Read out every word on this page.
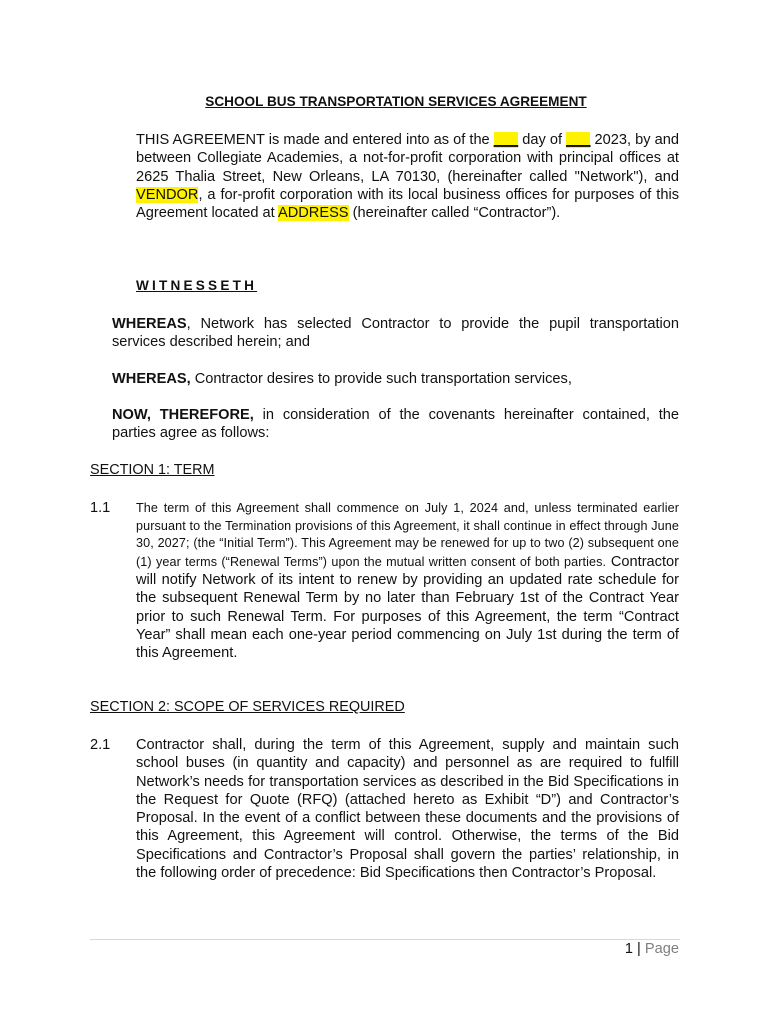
SCHOOL BUS TRANSPORTATION SERVICES AGREEMENT
THIS AGREEMENT is made and entered into as of the ___ day of ___ 2023, by and between Collegiate Academies, a not-for-profit corporation with principal offices at 2625 Thalia Street, New Orleans, LA 70130, (hereinafter called "Network"), and VENDOR, a for-profit corporation with its local business offices for purposes of this Agreement located at ADDRESS (hereinafter called “Contractor”).
WITNESSETH
WHEREAS, Network has selected Contractor to provide the pupil transportation services described herein; and
WHEREAS, Contractor desires to provide such transportation services,
NOW, THEREFORE, in consideration of the covenants hereinafter contained, the parties agree as follows:
SECTION 1: TERM
1.1 The term of this Agreement shall commence on July 1, 2024 and, unless terminated earlier pursuant to the Termination provisions of this Agreement, it shall continue in effect through June 30, 2027; (the “Initial Term”). This Agreement may be renewed for up to two (2) subsequent one (1) year terms (“Renewal Terms”) upon the mutual written consent of both parties. Contractor will notify Network of its intent to renew by providing an updated rate schedule for the subsequent Renewal Term by no later than February 1st of the Contract Year prior to such Renewal Term. For purposes of this Agreement, the term “Contract Year” shall mean each one-year period commencing on July 1st during the term of this Agreement.
SECTION 2: SCOPE OF SERVICES REQUIRED
2.1 Contractor shall, during the term of this Agreement, supply and maintain such school buses (in quantity and capacity) and personnel as are required to fulfill Network’s needs for transportation services as described in the Bid Specifications in the Request for Quote (RFQ) (attached hereto as Exhibit “D”) and Contractor’s Proposal. In the event of a conflict between these documents and the provisions of this Agreement, this Agreement will control. Otherwise, the terms of the Bid Specifications and Contractor’s Proposal shall govern the parties’ relationship, in the following order of precedence: Bid Specifications then Contractor’s Proposal.
1 | Page
